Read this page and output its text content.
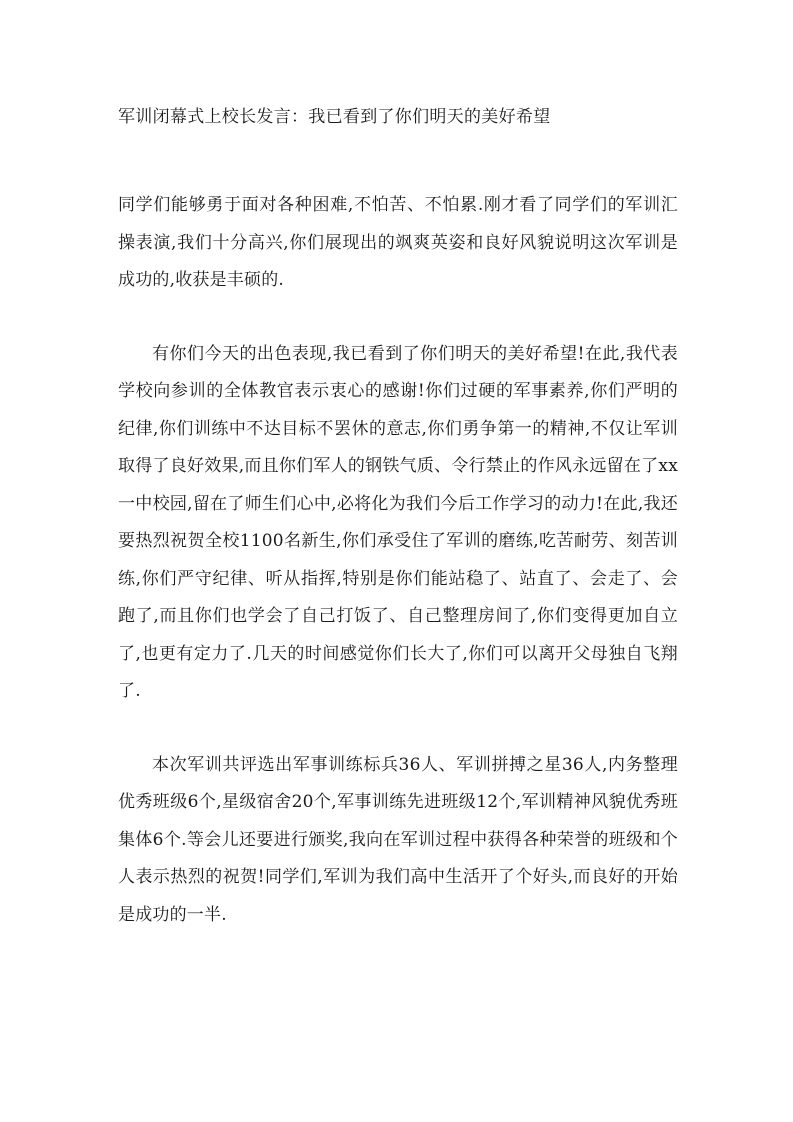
军训闭幕式上校长发言：我已看到了你们明天的美好希望

同学们能够勇于面对各种困难,不怕苦、不怕累.刚才看了同学们的军训汇操表演,我们十分高兴,你们展现出的飒爽英姿和良好风貌说明这次军训是成功的,收获是丰硕的.

有你们今天的出色表现,我已看到了你们明天的美好希望!在此,我代表学校向参训的全体教官表示衷心的感谢!你们过硬的军事素养,你们严明的纪律,你们训练中不达目标不罢休的意志,你们勇争第一的精神,不仅让军训取得了良好效果,而且你们军人的钢铁气质、令行禁止的作风永远留在了xx一中校园,留在了师生们心中,必将化为我们今后工作学习的动力!在此,我还要热烈祝贺全校1100名新生,你们承受住了军训的磨练,吃苦耐劳、刻苦训练,你们严守纪律、听从指挥,特别是你们能站稳了、站直了、会走了、会跑了,而且你们也学会了自己打饭了、自己整理房间了,你们变得更加自立了,也更有定力了.几天的时间感觉你们长大了,你们可以离开父母独自飞翔了.

本次军训共评选出军事训练标兵36人、军训拼搏之星36人,内务整理优秀班级6个,星级宿舍20个,军事训练先进班级12个,军训精神风貌优秀班集体6个.等会儿还要进行颁奖,我向在军训过程中获得各种荣誉的班级和个人表示热烈的祝贺!同学们,军训为我们高中生活开了个好头,而良好的开始是成功的一半.
